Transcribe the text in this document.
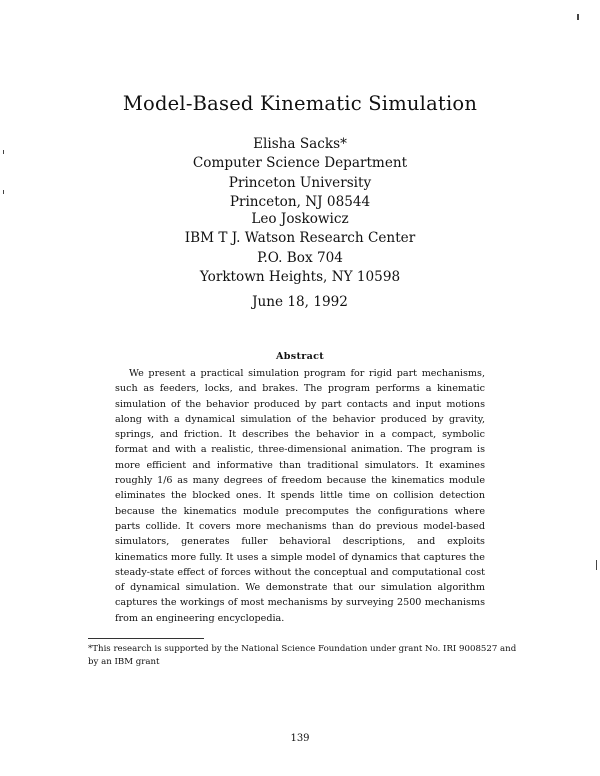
Model-Based Kinematic Simulation
Elisha Sacks*
Computer Science Department
Princeton University
Princeton, NJ 08544
Leo Joskowicz
IBM T J. Watson Research Center
P.O. Box 704
Yorktown Heights, NY 10598
June 18, 1992
Abstract
We present a practical simulation program for rigid part mechanisms, such as feeders, locks, and brakes. The program performs a kinematic simulation of the behavior produced by part contacts and input motions along with a dynamical simulation of the behavior produced by gravity, springs, and friction. It describes the behavior in a compact, symbolic format and with a realistic, three-dimensional animation. The program is more efficient and informative than traditional simulators. It examines roughly 1/6 as many degrees of freedom because the kinematics module eliminates the blocked ones. It spends little time on collision detection because the kinematics module precomputes the configurations where parts collide. It covers more mechanisms than do previous model-based simulators, generates fuller behavioral descriptions, and exploits kinematics more fully. It uses a simple model of dynamics that captures the steady-state effect of forces without the conceptual and computational cost of dynamical simulation. We demonstrate that our simulation algorithm captures the workings of most mechanisms by surveying 2500 mechanisms from an engineering encyclopedia.
*This research is supported by the National Science Foundation under grant No. IRI 9008527 and by an IBM grant
139
